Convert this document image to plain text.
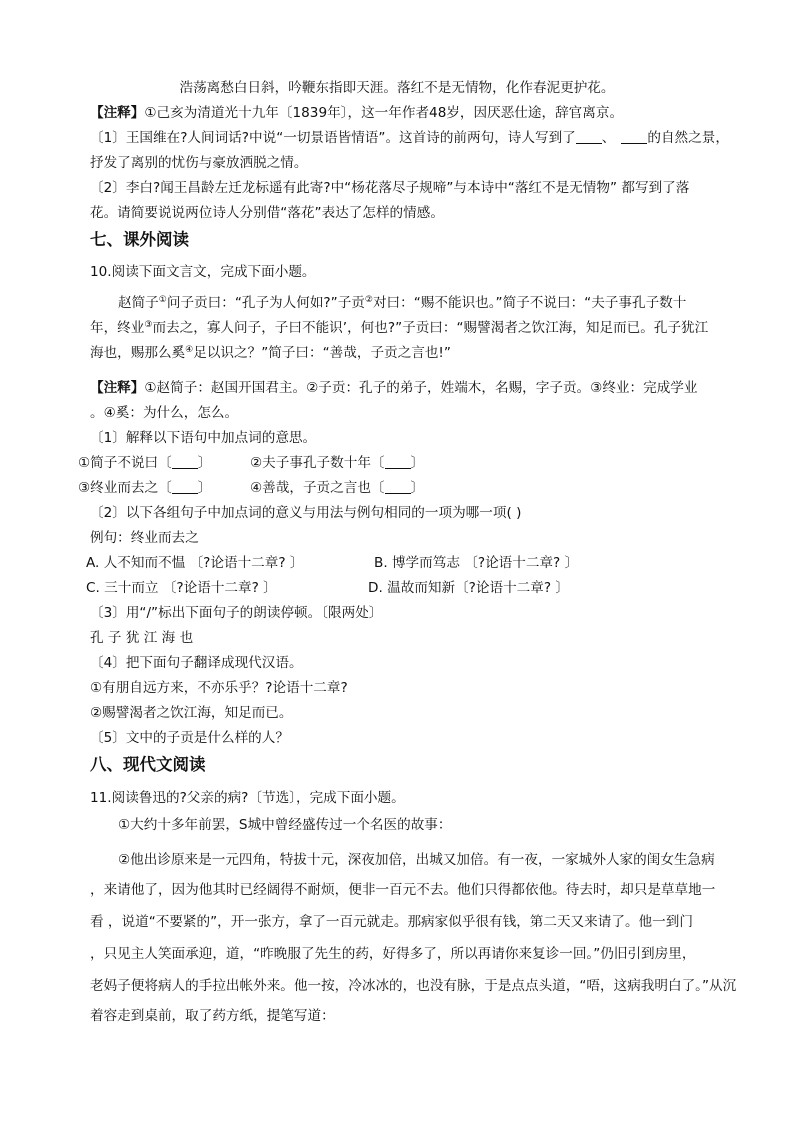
浩荡离愁白日斜，吟鞭东指即天涯。落红不是无情物，化作春泥更护花。
【注释】①己亥为清道光十九年〔1839年〕，这一年作者48岁，因厌恶仕途，辞官离京。
〔1〕王国维在?人间词话?中说“一切景语皆情语”。这首诗的前两句，诗人写到了 、 的自然之景，
抒发了离别的忧伤与豪放洒脱之情。
〔2〕李白?闻王昌龄左迁龙标遥有此寄?中“杨花落尽子规啼”与本诗中“落红不是无情物” 都写到了落
花。请简要说说两位诗人分别借“落花”表达了怎样的情感。
七、课外阅读
10.阅读下面文言文，完成下面小题。
赵简子①问子贡曰：“孔子为人何如?”子贡②对曰：“赐不能识也。”简子不说曰：“夫子事孔子数十
年，终业③而去之，寡人问子，子曰不能识’，何也?”子贡曰：“赐譬渴者之饮江海，知足而已。孔子犹江
海也，赐那么奚④足以识之？”简子曰：“善哉，子贡之言也!”
【注释】①赵简子：赵国开国君主。②子贡：孔子的弟子，姓端木，名赐，字子贡。③终业：完成学业
。④奚：为什么，怎么。
〔1〕解释以下语句中加点词的意思。
①简子不说曰〔 〕	②夫子事孔子数十年〔 〕
③终业而去之〔 〕	④善哉，子贡之言也〔 〕
〔2〕以下各组句子中加点词的意义与用法与例句相同的一项为哪一项( )
例句：终业而去之
A. 人不知而不愠 〔?论语十二章? 〕	B. 博学而笃志 〔?论语十二章? 〕
C. 三十而立 〔?论语十二章? 〕	D. 温故而知新〔?论语十二章? 〕
〔3〕用“/”标出下面句子的朗读停顿。〔限两处〕
孔 子 犹 江 海 也
〔4〕把下面句子翻译成现代汉语。
①有朋自远方来，不亦乐乎？?论语十二章?
②赐譬渴者之饮江海，知足而已。
〔5〕文中的子贡是什么样的人？
八、现代文阅读
11.阅读鲁迅的?父亲的病?〔节选〕，完成下面小题。
①大约十多年前罢，S城中曾经盛传过一个名医的故事：
②他出诊原来是一元四角，特拔十元，深夜加倍，出城又加倍。有一夜，一家城外人家的闺女生急病
，来请他了，因为他其时已经阔得不耐烦，便非一百元不去。他们只得都依他。待去时，却只是草草地一
看 ，说道“不要紧的”，开一张方，拿了一百元就走。那病家似乎很有钱，第二天又来请了。他一到门
，只见主人笑面承迎，道，“昨晚服了先生的药，好得多了，所以再请你来复诊一回。”仍旧引到房里，
老妈子便将病人的手拉出帐外来。他一按，冷冰冰的，也没有脉，于是点点头道，“唔，这病我明白了。”从沉
着容走到桌前，取了药方纸，提笔写道：
